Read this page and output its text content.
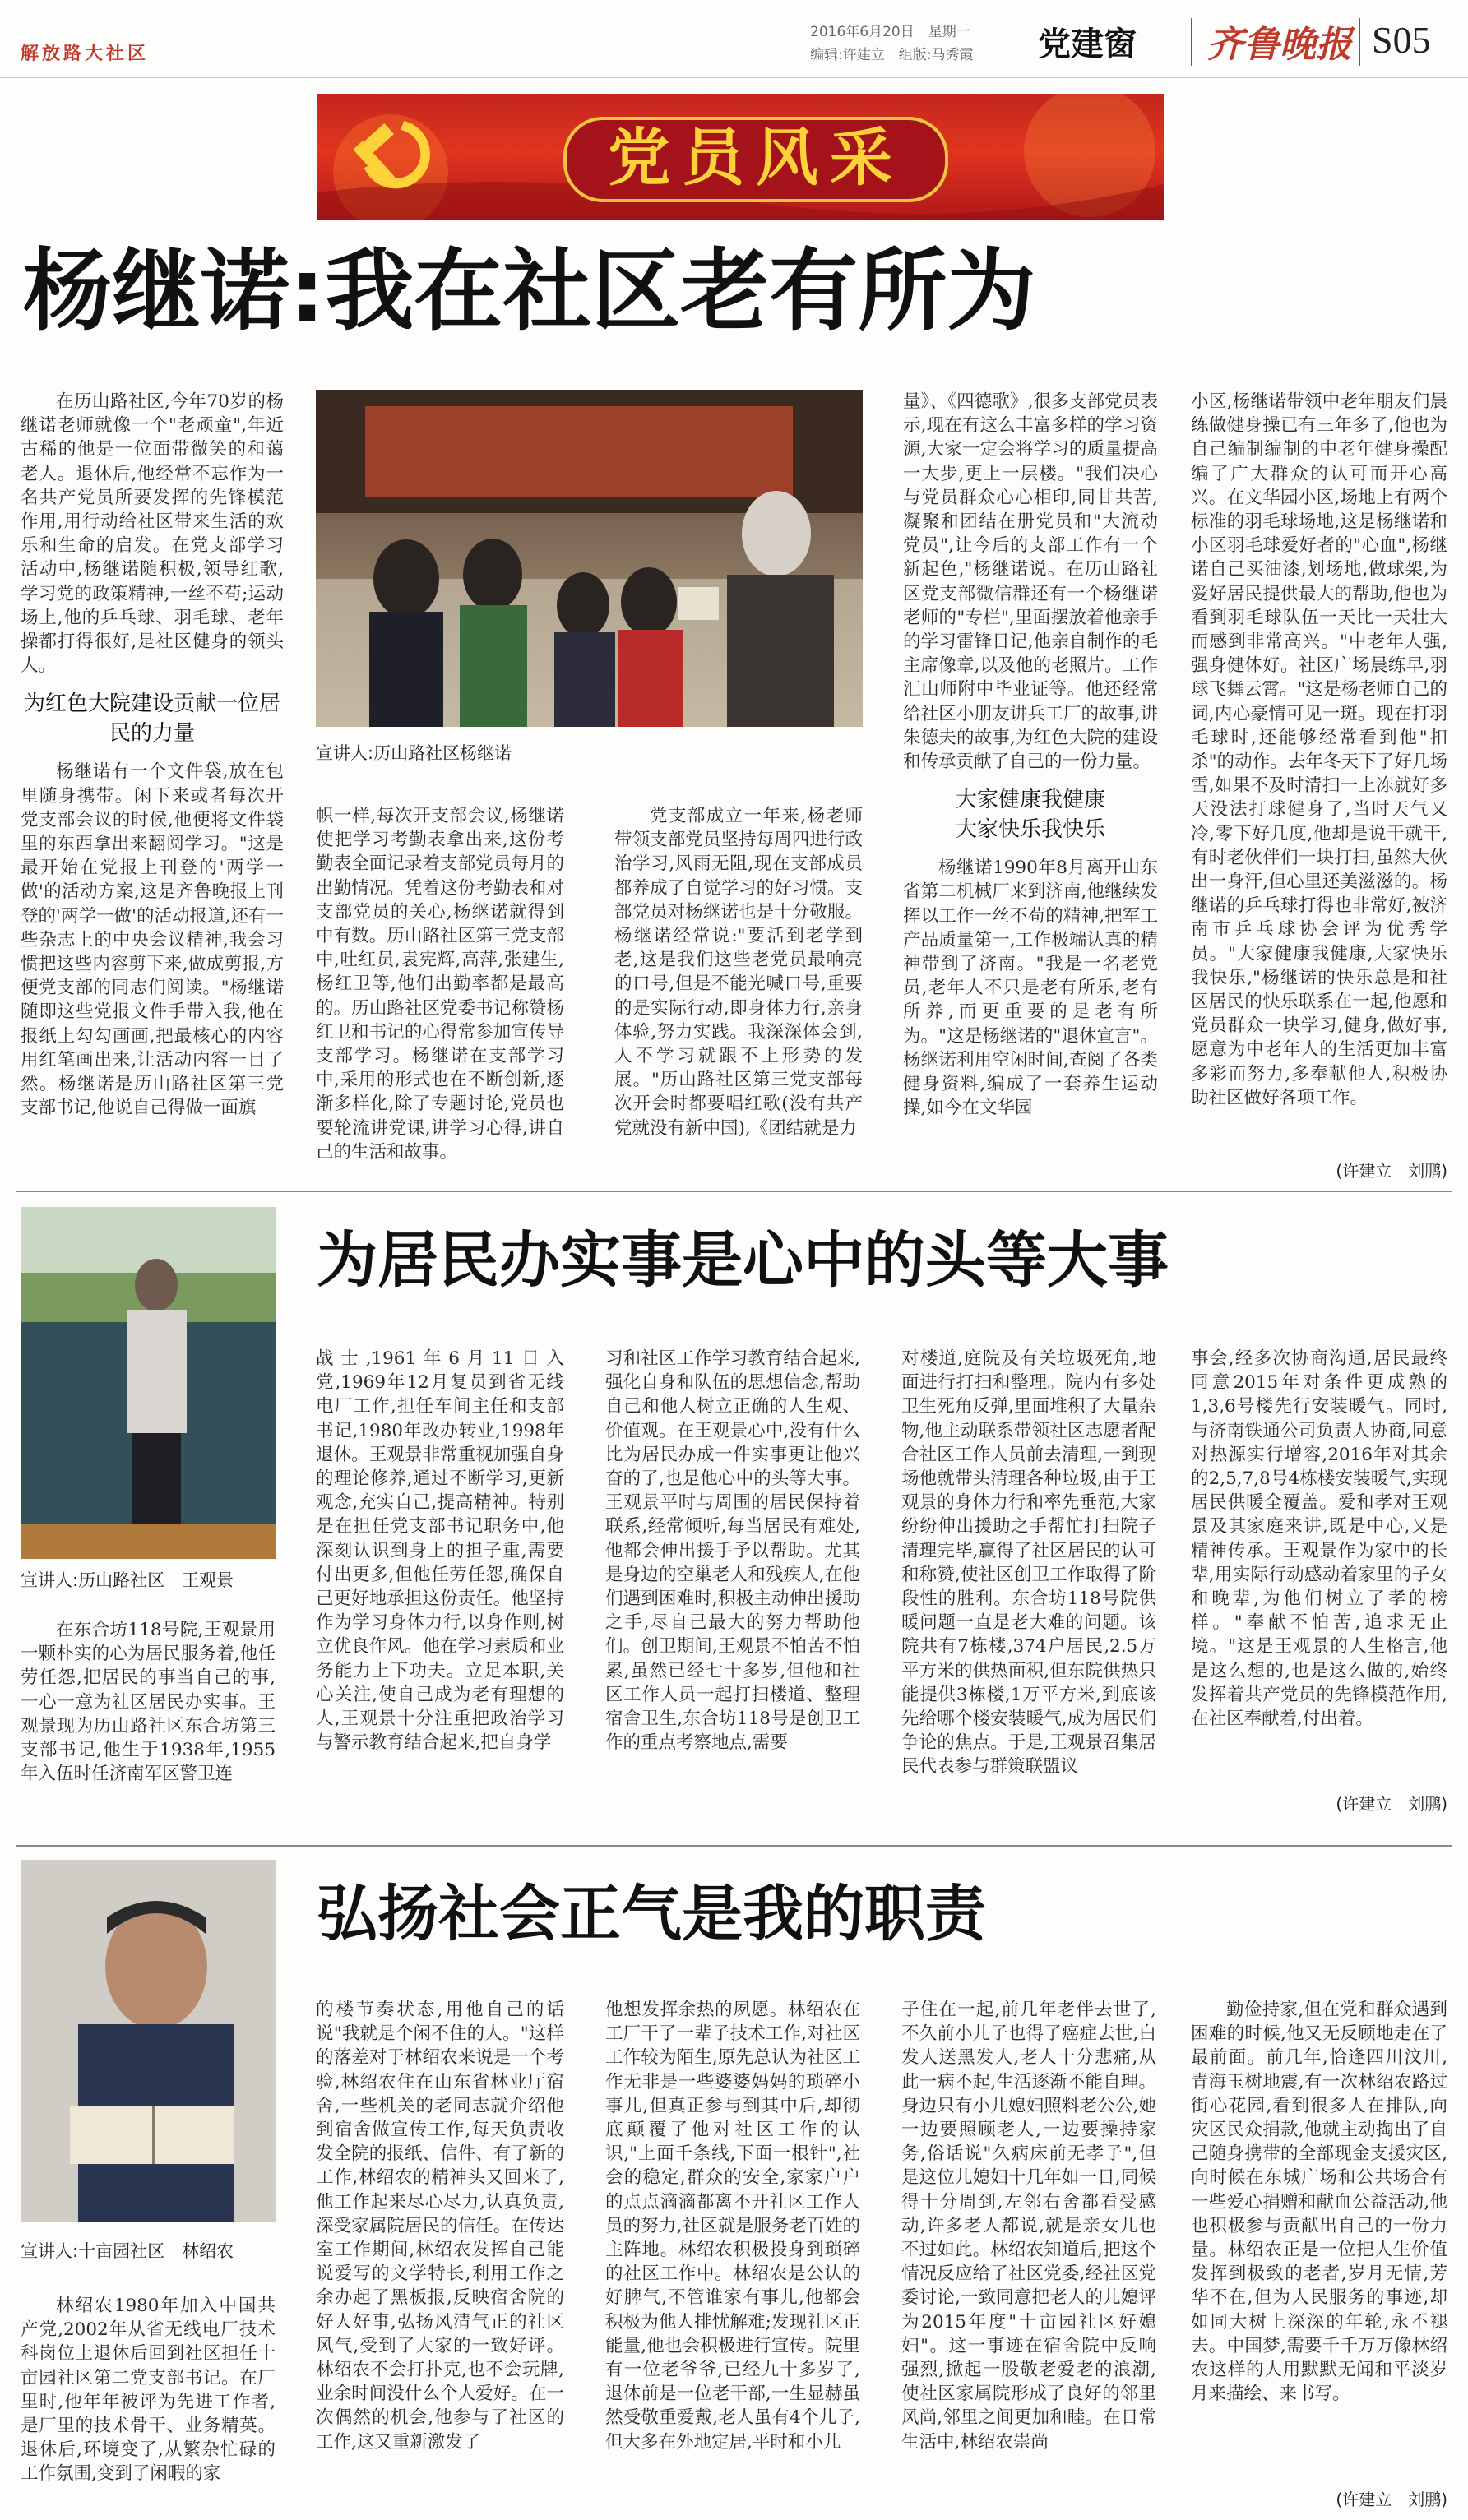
解放路大社区
2016年6月20日　星期一
编辑:许建立　组版:马秀霞 党建窗 齐鲁晚报 S05
党员风采
杨继诺:我在社区老有所为

在历山路社区,今年70岁的杨继诺老师就像一个"老顽童",年近古稀的他是一位面带微笑的和蔼老人。退休后,他经常不忘作为一名共产党员所要发挥的先锋模范作用,用行动给社区带来生活的欢乐和生命的启发。在党支部学习活动中,杨继诺随积极,领导红歌,学习党的政策精神,一丝不苟;运动场上,他的乒乓球、羽毛球、老年操都打得很好,是社区健身的领头人。

为红色大院建设贡献一位居民的力量

杨继诺有一个文件袋,放在包里随身携带。闲下来或者每次开党支部会议的时候,他便将文件袋里的东西拿出来翻阅学习。"这是最开始在党报上刊登的'两学一做'的活动方案,这是齐鲁晚报上刊登的'两学一做'的活动报道,还有一些杂志上的中央会议精神,我会习惯把这些内容剪下来,做成剪报,方便党支部的同志们阅读。"杨继诺随即这些党报文件手带入我,他在报纸上勾勾画画,把最核心的内容用红笔画出来,让活动内容一目了然。杨继诺是历山路社区第三党支部书记,他说自己得做一面旗

宣讲人:历山路社区杨继诺

帜一样,每次开支部会议,杨继诺使把学习考勤表拿出来,这份考勤表全面记录着支部党员每月的出勤情况。凭着这份考勤表和对支部党员的关心,杨继诺就得到中有数。历山路社区第三党支部中,吐红员,袁宪辉,高萍,张建生,杨红卫等,他们出勤率都是最高的。历山路社区党委书记称赞杨红卫和书记的心得常参加宣传导支部学习。杨继诺在支部学习中,采用的形式也在不断创新,逐渐多样化,除了专题讨论,党员也要轮流讲党课,讲学习心得,讲自己的生活和故事。

党支部成立一年来,杨老师带领支部党员坚持每周四进行政治学习,风雨无阻,现在支部成员都养成了自觉学习的好习惯。支部党员对杨继诺也是十分敬服。杨继诺经常说:"要活到老学到老,这是我们这些老党员最响亮的口号,但是不能光喊口号,重要的是实际行动,即身体力行,亲身体验,努力实践。我深深体会到,人不学习就跟不上形势的发展。"历山路社区第三党支部每次开会时都要唱红歌(没有共产党就没有新中国),《团结就是力

量》、《四德歌》,很多支部党员表示,现在有这么丰富多样的学习资源,大家一定会将学习的质量提高一大步,更上一层楼。"我们决心与党员群众心心相印,同甘共苦,凝聚和团结在册党员和"大流动党员",让今后的支部工作有一个新起色,"杨继诺说。在历山路社区党支部微信群还有一个杨继诺老师的"专栏",里面摆放着他亲手的学习雷锋日记,他亲自制作的毛主席像章,以及他的老照片。工作汇山师附中毕业证等。他还经常给社区小朋友讲兵工厂的故事,讲朱德夫的故事,为红色大院的建设和传承贡献了自己的一份力量。

大家健康我健康
大家快乐我快乐

杨继诺1990年8月离开山东省第二机械厂来到济南,他继续发挥以工作一丝不苟的精神,把军工产品质量第一,工作极端认真的精神带到了济南。"我是一名老党员,老年人不只是老有所乐,老有所养,而更重要的是老有所为。"这是杨继诺的"退休宣言"。杨继诺利用空闲时间,查阅了各类健身资料,编成了一套养生运动操,如今在文华园

小区,杨继诺带领中老年朋友们晨练做健身操已有三年多了,他也为自己编制编制的中老年健身操配编了广大群众的认可而开心高兴。在文华园小区,场地上有两个标准的羽毛球场地,这是杨继诺和小区羽毛球爱好者的"心血",杨继诺自己买油漆,划场地,做球架,为爱好居民提供最大的帮助,他也为看到羽毛球队伍一天比一天壮大而感到非常高兴。"中老年人强,强身健体好。社区广场晨练早,羽球飞舞云霄。"这是杨老师自己的词,内心豪情可见一斑。现在打羽毛球时,还能够经常看到他"扣杀"的动作。去年冬天下了好几场雪,如果不及时清扫一上冻就好多天没法打球健身了,当时天气又冷,零下好几度,他却是说干就干,有时老伙伴们一块打扫,虽然大伙出一身汗,但心里还美滋滋的。杨继诺的乒乓球打得也非常好,被济南市乒乓球协会评为优秀学员。"大家健康我健康,大家快乐我快乐,"杨继诺的快乐总是和社区居民的快乐联系在一起,他愿和党员群众一块学习,健身,做好事,愿意为中老年人的生活更加丰富多彩而努力,多奉献他人,积极协助社区做好各项工作。

(许建立　刘鹏)
宣讲人:历山路社区　王观景
为居民办实事是心中的头等大事

在东合坊118号院,王观景用一颗朴实的心为居民服务着,他任劳任怨,把居民的事当自己的事,一心一意为社区居民办实事。王观景现为历山路社区东合坊第三支部书记,他生于1938年,1955年入伍时任济南军区警卫连

战士,1961年6月11日入党,1969年12月复员到省无线电厂工作,担任车间主任和支部书记,1980年改办转业,1998年退休。王观景非常重视加强自身的理论修养,通过不断学习,更新观念,充实自己,提高精神。特别是在担任党支部书记职务中,他深刻认识到身上的担子重,需要付出更多,但他任劳任怨,确保自己更好地承担这份责任。他坚持作为学习身体力行,以身作则,树立优良作风。他在学习素质和业务能力上下功夫。立足本职,关心关注,使自己成为老有理想的人,王观景十分注重把政治学习与警示教育结合起来,把自身学

习和社区工作学习教育结合起来,强化自身和队伍的思想信念,帮助自己和他人树立正确的人生观、价值观。在王观景心中,没有什么比为居民办成一件实事更让他兴奋的了,也是他心中的头等大事。王观景平时与周围的居民保持着联系,经常倾听,每当居民有难处,他都会伸出援手予以帮助。尤其是身边的空巢老人和残疾人,在他们遇到困难时,积极主动伸出援助之手,尽自己最大的努力帮助他们。创卫期间,王观景不怕苦不怕累,虽然已经七十多岁,但他和社区工作人员一起打扫楼道、整理宿舍卫生,东合坊118号是创卫工作的重点考察地点,需要

对楼道,庭院及有关垃圾死角,地面进行打扫和整理。院内有多处卫生死角反弹,里面堆积了大量杂物,他主动联系带领社区志愿者配合社区工作人员前去清理,一到现场他就带头清理各种垃圾,由于王观景的身体力行和率先垂范,大家纷纷伸出援助之手帮忙打扫院子清理完毕,赢得了社区居民的认可和称赞,使社区创卫工作取得了阶段性的胜利。东合坊118号院供暖问题一直是老大难的问题。该院共有7栋楼,374户居民,2.5万平方米的供热面积,但东院供热只能提供3栋楼,1万平方米,到底该先给哪个楼安装暖气,成为居民们争论的焦点。于是,王观景召集居民代表参与群策联盟议

事会,经多次协商沟通,居民最终同意2015年对条件更成熟的1,3,6号楼先行安装暖气。同时,与济南铁通公司负责人协商,同意对热源实行增容,2016年对其余的2,5,7,8号4栋楼安装暖气,实现居民供暖全覆盖。爱和孝对王观景及其家庭来讲,既是中心,又是精神传承。王观景作为家中的长辈,用实际行动感动着家里的子女和晚辈,为他们树立了孝的榜样。"奉献不怕苦,追求无止境。"这是王观景的人生格言,他是这么想的,也是这么做的,始终发挥着共产党员的先锋模范作用,在社区奉献着,付出着。

(许建立　刘鹏)
宣讲人:十亩园社区　林绍农
弘扬社会正气是我的职责

林绍农1980年加入中国共产党,2002年从省无线电厂技术科岗位上退休后回到社区担任十亩园社区第二党支部书记。在厂里时,他年年被评为先进工作者,是厂里的技术骨干、业务精英。退休后,环境变了,从繁杂忙碌的工作氛围,变到了闲暇的家

的楼节奏状态,用他自己的话说"我就是个闲不住的人。"这样的落差对于林绍农来说是一个考验,林绍农住在山东省林业厅宿舍,一些机关的老同志就介绍他到宿舍做宣传工作,每天负责收发全院的报纸、信件、有了新的工作,林绍农的精神头又回来了,他工作起来尽心尽力,认真负责,深受家属院居民的信任。在传达室工作期间,林绍农发挥自己能说爱写的文学特长,利用工作之余办起了黑板报,反映宿舍院的好人好事,弘扬风清气正的社区风气,受到了大家的一致好评。林绍农不会打扑克,也不会玩牌,业余时间没什么个人爱好。在一次偶然的机会,他参与了社区的工作,这又重新激发了

他想发挥余热的夙愿。林绍农在工厂干了一辈子技术工作,对社区工作较为陌生,原先总认为社区工作无非是一些婆婆妈妈的琐碎小事儿,但真正参与到其中后,却彻底颠覆了他对社区工作的认识,"上面千条线,下面一根针",社会的稳定,群众的安全,家家户户的点点滴滴都离不开社区工作人员的努力,社区就是服务老百姓的主阵地。林绍农积极投身到琐碎的社区工作中。林绍农是公认的好脾气,不管谁家有事儿,他都会积极为他人排忧解难;发现社区正能量,他也会积极进行宣传。院里有一位老爷爷,已经九十多岁了,退休前是一位老干部,一生显赫虽然受敬重爱戴,老人虽有4个儿子,但大多在外地定居,平时和小儿

子住在一起,前几年老伴去世了,不久前小儿子也得了癌症去世,白发人送黑发人,老人十分悲痛,从此一病不起,生活逐渐不能自理。身边只有小儿媳妇照料老公公,她一边要照顾老人,一边要操持家务,俗话说"久病床前无孝子",但是这位儿媳妇十几年如一日,同候得十分周到,左邻右舍都看受感动,许多老人都说,就是亲女儿也不过如此。林绍农知道后,把这个情况反应给了社区党委,经社区党委讨论,一致同意把老人的儿媳评为2015年度"十亩园社区好媳妇"。这一事迹在宿舍院中反响强烈,掀起一股敬老爱老的浪潮,使社区家属院形成了良好的邻里风尚,邻里之间更加和睦。在日常生活中,林绍农崇尚

勤俭持家,但在党和群众遇到困难的时候,他又无反顾地走在了最前面。前几年,恰逢四川汶川,青海玉树地震,有一次林绍农路过街心花园,看到很多人在排队,向灾区民众捐款,他就主动掏出了自己随身携带的全部现金支援灾区,向时候在东城广场和公共场合有一些爱心捐赠和献血公益活动,他也积极参与贡献出自己的一份力量。林绍农正是一位把人生价值发挥到极致的老者,岁月无情,芳华不在,但为人民服务的事迹,却如同大树上深深的年轮,永不褪去。中国梦,需要千千万万像林绍农这样的人用默默无闻和平淡岁月来描绘、来书写。

(许建立　刘鹏)
